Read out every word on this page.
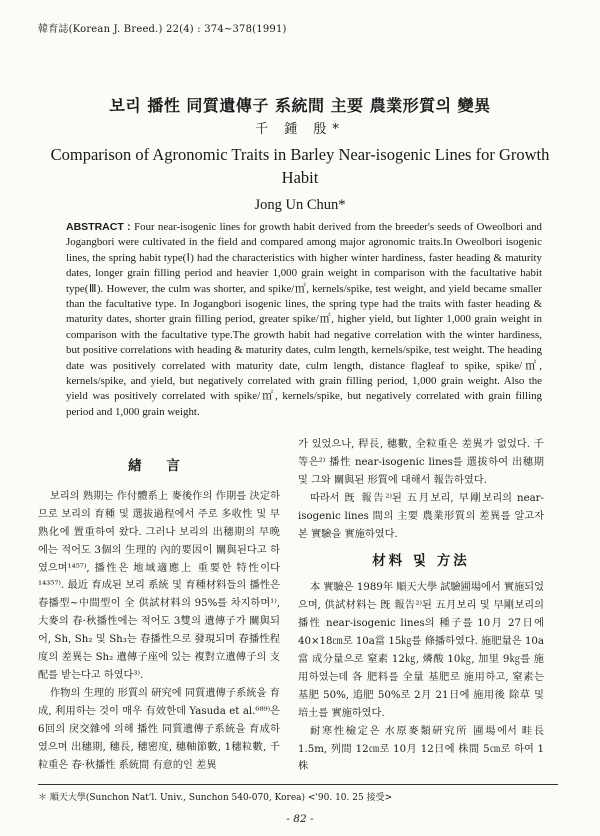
韓育誌(Korean J. Breed.) 22(4) : 374~378(1991)
보리 播性 同質遺傳子 系統間 主要 農業形質의 變異
千 鍾 殷*
Comparison of Agronomic Traits in Barley Near-isogenic Lines for Growth Habit
Jong Un Chun*

ABSTRACT : Four near-isogenic lines for growth habit derived from the breeder's seeds of Oweolbori and Jogangbori were cultivated in the field and compared among major agronomic traits.In Oweolbori isogenic lines, the spring habit type(Ⅰ) had the characteristics with higher winter hardiness, faster heading & maturity dates, longer grain filling period and heavier 1,000 grain weight in comparison with the facultative habit type(Ⅲ). However, the culm was shorter, and spike/㎡, kernels/spike, test weight, and yield became smaller than the facultative type. In Jogangbori isogenic lines, the spring type had the traits with faster heading & maturity dates, shorter grain filling period, greater spike/㎡, higher yield, but lighter 1,000 grain weight in comparison with the facultative type.The growth habit had negative correlation with the winter hardiness, but positive correlations with heading & maturity dates, culm length, kernels/spike, test weight. The heading date was positively correlated with maturity date, culm length, distance flagleaf to spike, spike/㎡, kernels/spike, and yield, but negatively correlated with grain filling period, 1,000 grain weight. Also the yield was positively correlated with spike/㎡, kernels/spike, but negatively correlated with grain filling period and 1,000 grain weight.

緖 言

보리의 熟期는 作付體系上 麥後作의 作期를 決定하므로 보리의 育種 및 選拔過程에서 주로 多收性 및 早熟化에 置重하여 왔다. 그러나 보리의 出穗期의 早晩에는 적어도 3個의 生理的 內的要因이 關與된다고 하였으며¹⁴⁵⁷⁾, 播性은 地域適應上 重要한 特性이다¹⁴³⁵⁷⁾. 最近 育成된 보리 系統 및 育種材料들의 播性은 春播型~中間型이 全 供試材料의 95%를 차지하며¹⁾, 大麥의 春·秋播性에는 적어도 3雙의 遺傳子가 關與되어, Sh, Sh₂ 및 Sh₃는 春播性으로 發現되며 春播性程度의 差異는 Sh₂ 遺傳子座에 있는 複對立遺傳子의 支配를 받는다고 하였다³⁾.

作物의 生理的 形質의 硏究에 同質遺傳子系統을 育成, 利用하는 것이 매우 有效한데 Yasuda et al.⁶⁸⁹⁾은 6回의 戾交雜에 의해 播性 同質遺傳子系統을 育成하였으며 出穗期, 穗長, 穗密度, 穗軸節數, 1穗粒數, 千粒重은 春·秋播性 系統間 有意的인 差異

가 있었으나, 稈長, 穗數, 全粒重은 差異가 없었다. 千等은²⁾ 播性 near-isogenic lines를 選拔하여 出穗期 및 그와 關與된 形質에 대해서 報告하였다.

따라서 旣 報告²⁾된 五月보리, 早剛보리의 near-isogenic lines 間의 主要 農業形質의 差異를 알고자 본 實驗을 實施하였다.

材料 및 方法

本 實驗은 1989年 順天大學 試驗圃場에서 實施되었으며, 供試材料는 旣 報告²⁾된 五月보리 및 早剛보리의 播性 near-isogenic lines의 種子를 10月 27日에 40×18㎝로 10a當 15㎏를 條播하였다. 施肥量은 10a當 成分量으로 窒素 12㎏, 燐酸 10㎏, 加里 9㎏를 施用하였는데 各 肥料를 全量 基肥로 施用하고, 窒素는 基肥 50%, 追肥 50%로 2月 21日에 施用後 除草 및 培土를 實施하였다.

耐寒性檢定은 水原麥類硏究所 圃場에서 畦長 1.5m, 列間 12㎝로 10月 12日에 株間 5㎝로 하여 1株

＊ 順天大學(Sunchon Nat'l. Univ., Sunchon 540-070, Korea) <'90. 10. 25 接受>
- 82 -
